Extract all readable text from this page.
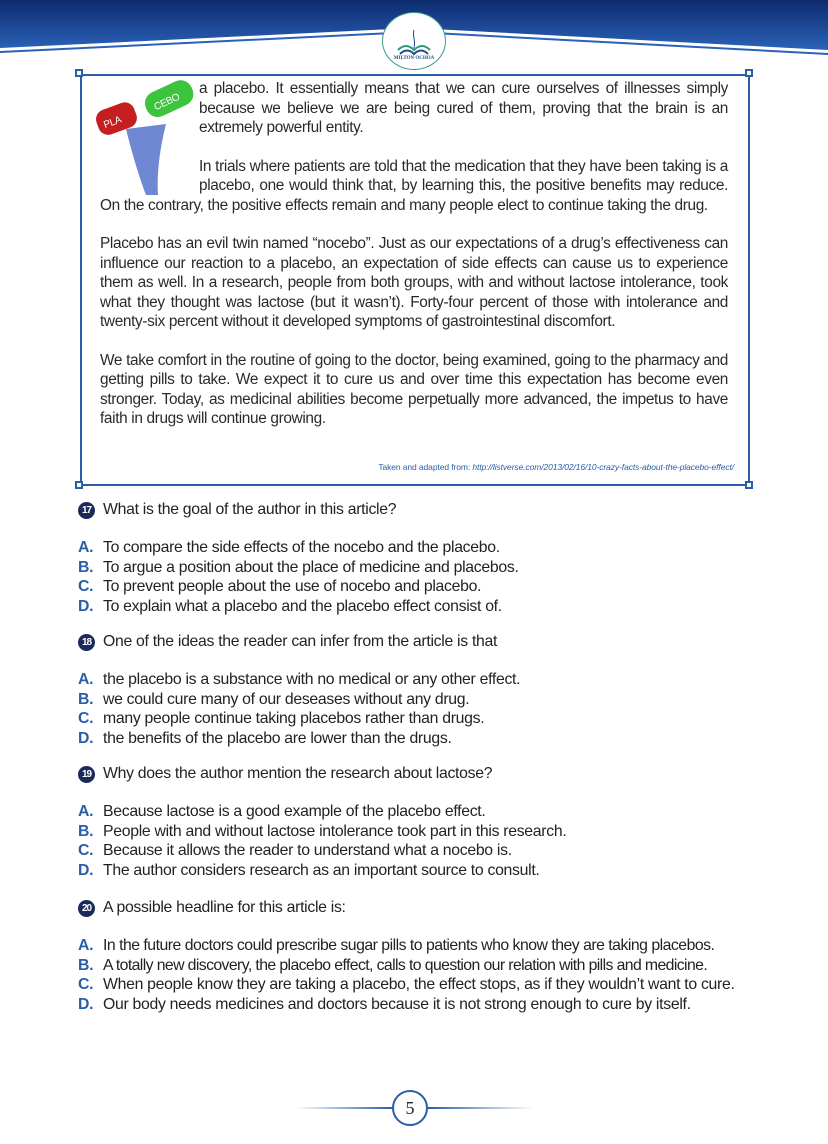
MILTON OCHOA
PLA
CEBO

a placebo. It essentially means that we can cure ourselves of illnesses simply because we believe we are being cured of them, proving that the brain is an extremely powerful entity.

In trials where patients are told that the medication that they have been taking is a placebo, one would think that, by learning this, the positive benefits may reduce. On the contrary, the positive effects remain and many people elect to continue taking the drug.

Placebo has an evil twin named “nocebo”. Just as our expectations of a drug’s effectiveness can influence our reaction to a placebo, an expectation of side effects can cause us to experience them as well. In a research, people from both groups, with and without lactose intolerance, took what they thought was lactose (but it wasn’t). Forty-four percent of those with intolerance and twenty-six percent without it developed symptoms of gastrointestinal discomfort.

We take comfort in the routine of going to the doctor, being examined, going to the pharmacy and getting pills to take. We expect it to cure us and over time this expectation has become even stronger. Today, as medicinal abilities become perpetually more advanced, the impetus to have faith in drugs will continue growing.

Taken and adapted from: http://listverse.com/2013/02/16/10-crazy-facts-about-the-placebo-effect/
17 What is the goal of the author in this article?
A. To compare the side effects of the nocebo and the placebo.
B. To argue a position about the place of medicine and placebos.
C. To prevent people about the use of nocebo and placebo.
D. To explain what a placebo and the placebo effect consist of.
18 One of the ideas the reader can infer from the article is that
A. the placebo is a substance with no medical or any other effect.
B. we could cure many of our deseases without any drug.
C. many people continue taking placebos rather than drugs.
D. the benefits of the placebo are lower than the drugs.
19 Why does the author mention the research about lactose?
A. Because lactose is a good example of the placebo effect.
B. People with and without lactose intolerance took part in this research.
C. Because it allows the reader to understand what a nocebo is.
D. The author considers research as an important source to consult.
20 A possible headline for this article is:
A. In the future doctors could prescribe sugar pills to patients who know they are taking placebos.
B. A totally new discovery, the placebo effect, calls to question our relation with pills and medicine.
C. When people know they are taking a placebo, the effect stops, as if they wouldn’t want to cure.
D. Our body needs medicines and doctors because it is not strong enough to cure by itself.
5
